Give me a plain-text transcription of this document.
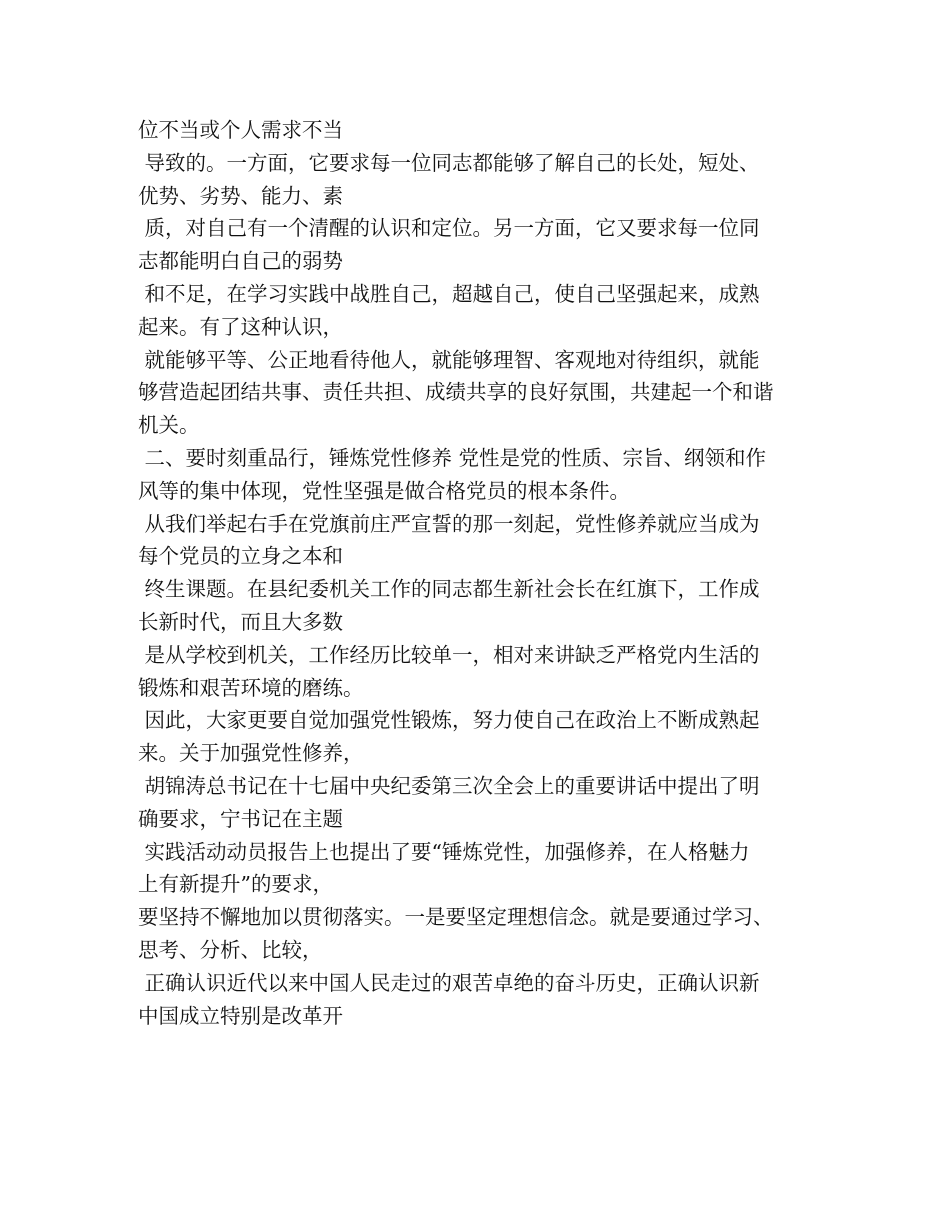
位不当或个人需求不当
导致的。一方面，它要求每一位同志都能够了解自己的长处，短处、
优势、劣势、能力、素
质，对自己有一个清醒的认识和定位。另一方面，它又要求每一位同
志都能明白自己的弱势
和不足，在学习实践中战胜自己，超越自己，使自己坚强起来，成熟
起来。有了这种认识，
就能够平等、公正地看待他人，就能够理智、客观地对待组织，就能
够营造起团结共事、责任共担、成绩共享的良好氛围，共建起一个和谐
机关。
二、要时刻重品行，锤炼党性修养 党性是党的性质、宗旨、纲领和作
风等的集中体现，党性坚强是做合格党员的根本条件。
从我们举起右手在党旗前庄严宣誓的那一刻起，党性修养就应当成为
每个党员的立身之本和
终生课题。在县纪委机关工作的同志都生新社会长在红旗下，工作成
长新时代，而且大多数
是从学校到机关，工作经历比较单一，相对来讲缺乏严格党内生活的
锻炼和艰苦环境的磨练。
因此，大家更要自觉加强党性锻炼，努力使自己在政治上不断成熟起
来。关于加强党性修养，
胡锦涛总书记在十七届中央纪委第三次全会上的重要讲话中提出了明
确要求，宁书记在主题
实践活动动员报告上也提出了要“锤炼党性，加强修养，在人格魅力
上有新提升”的要求，
要坚持不懈地加以贯彻落实。一是要坚定理想信念。就是要通过学习、
思考、分析、比较，
正确认识近代以来中国人民走过的艰苦卓绝的奋斗历史，正确认识新
中国成立特别是改革开
